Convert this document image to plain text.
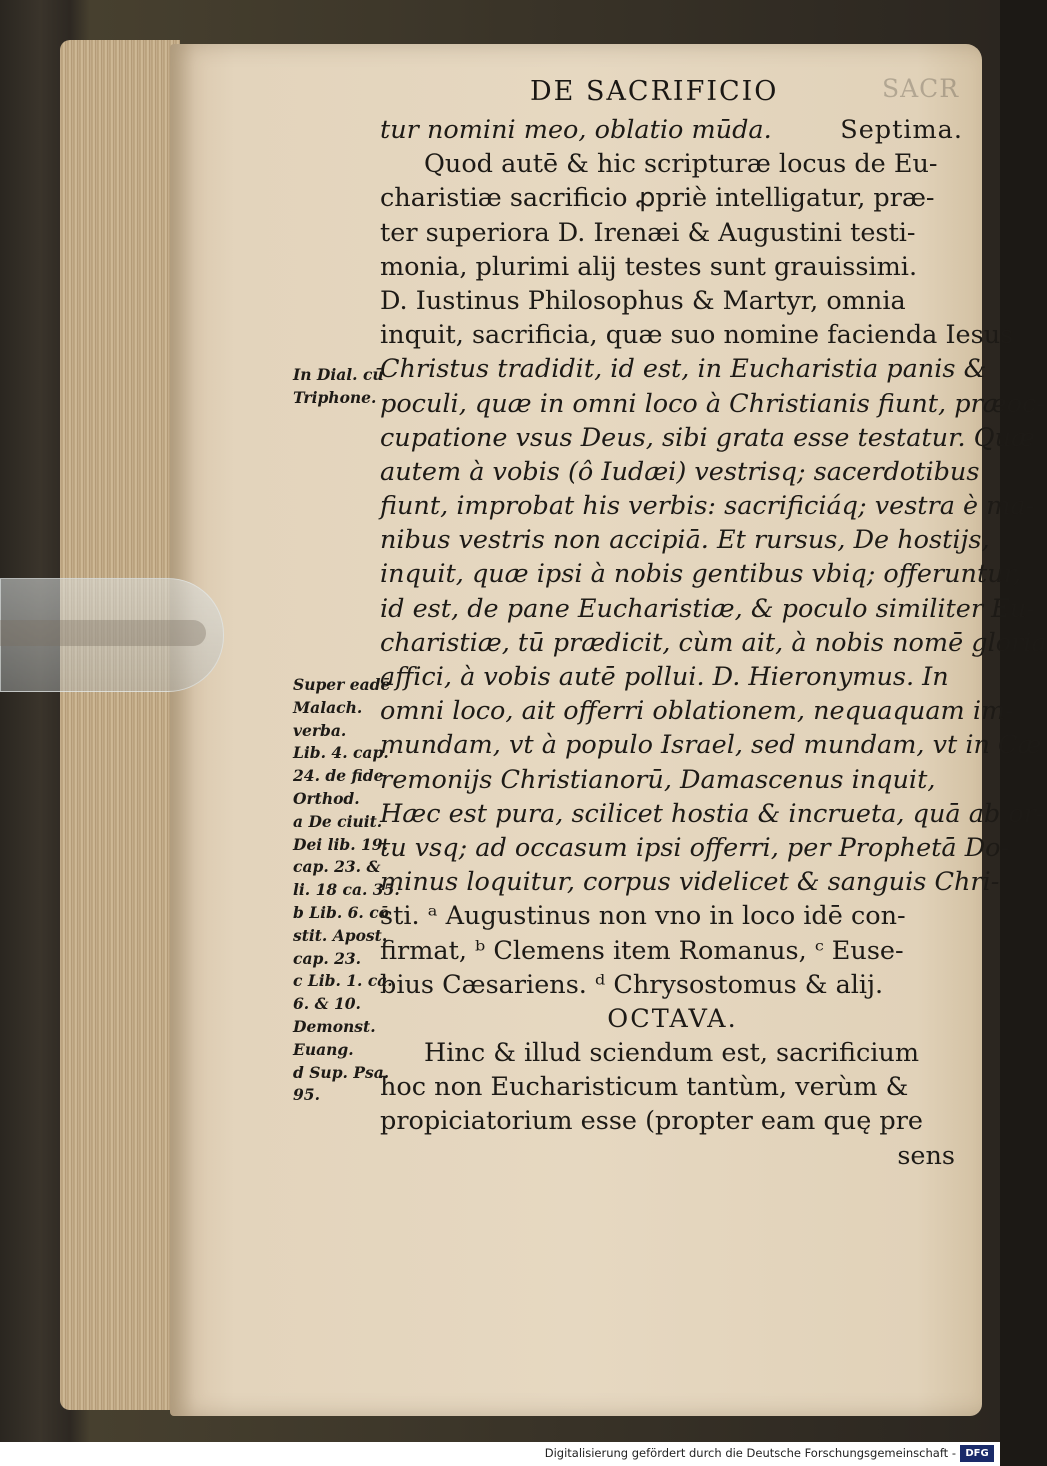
DE SACRIFICIO	SACR
tur nomini meo, oblatio mūda.	Septima.
Quod autē & hic scripturæ locus de Eu-
charistiæ sacrificio ꝓpriè intelligatur, præ-
ter superiora D. Irenæi & Augustini testi-
monia, plurimi alij testes sunt grauissimi.
D. Iustinus Philosophus & Martyr, omnia
inquit, sacrificia, quæ suo nomine facienda Iesus
Christus tradidit, id est, in Eucharistia panis &
poculi, quæ in omni loco à Christianis fiunt, præoc-
cupatione vsus Deus, sibi grata esse testatur. Quæ
autem à vobis (ô Iudæi) vestrisq; sacerdotibus
fiunt, improbat his verbis: sacrificiáq; vestra è ma-
nibus vestris non accipiā. Et rursus, De hostijs,
inquit, quæ ipsi à nobis gentibus vbiq; offeruntur,
id est, de pane Eucharistiæ, & poculo similiter Eu-
charistiæ, tū prædicit, cùm ait, à nobis nomē gloria
affici, à vobis autē pollui. D. Hieronymus. In
omni loco, ait offerri oblationem, nequaquam im-
mundam, vt à populo Israel, sed mundam, vt in Cæ
remonijs Christianorū, Damascenus inquit,
Hæc est pura, scilicet hostia & incrueta, quā ab or-
tu vsq; ad occasum ipsi offerri, per Prophetā Do-
minus loquitur, corpus videlicet & sanguis Chri-
sti. ᵃ Augustinus non vno in loco idē con-
firmat, ᵇ Clemens item Romanus, ᶜ Euse-
bius Cæsariens. ᵈ Chrysostomus & alij.
OCTAVA.
Hinc & illud sciendum est, sacrificium
hoc non Eucharisticum tantùm, verùm &
propiciatorium esse (propter eam quę pre
sens
In Dial. cū
Triphone.
Super eadē
Malach.
verba.
Lib. 4. cap.
24. de fide
Orthod.
a De ciuit.
Dei lib. 19.
cap. 23. &
li. 18 ca. 35.
b Lib. 6. cō
stit. Apost.
cap. 23.
c Lib. 1. ca.
6. & 10.
Demonst.
Euang.
d Sup. Psa.
95.
Digitalisierung gefördert durch die Deutsche Forschungsgemeinschaft - DFG
